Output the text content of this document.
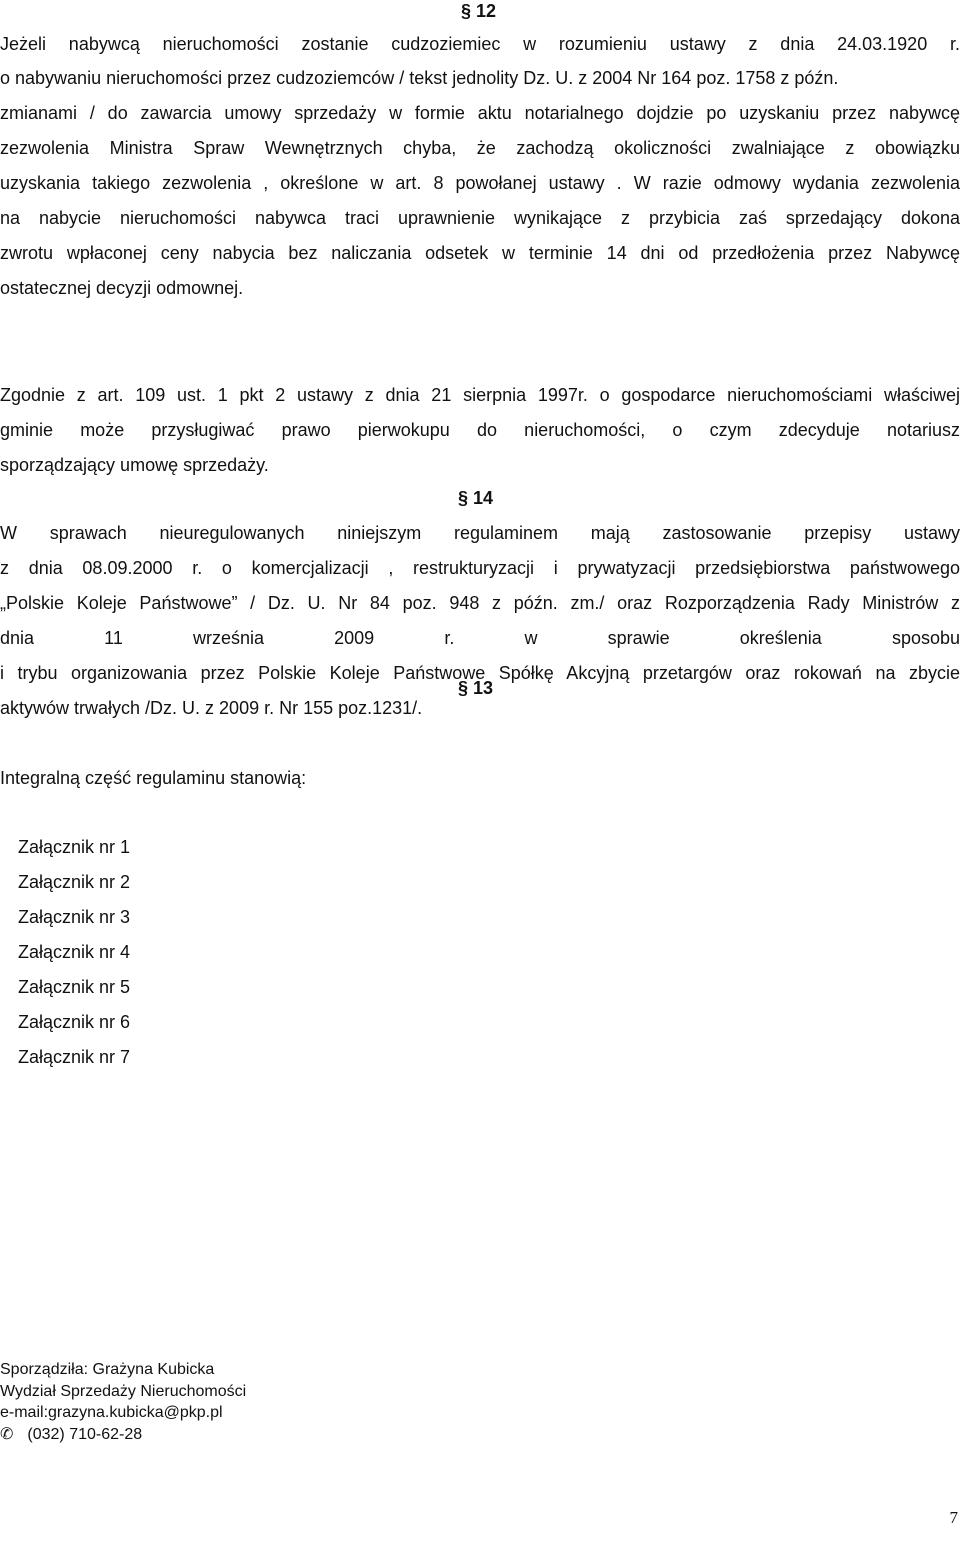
§ 12
Jeżeli nabywcą nieruchomości zostanie cudzoziemiec w rozumieniu ustawy z dnia 24.03.1920 r.
o nabywaniu nieruchomości przez cudzoziemców / tekst jednolity Dz. U. z 2004 Nr 164 poz. 1758 z późn.
zmianami / do zawarcia umowy sprzedaży w formie aktu notarialnego dojdzie po uzyskaniu przez nabywcę
zezwolenia Ministra Spraw Wewnętrznych chyba, że zachodzą okoliczności zwalniające z obowiązku
uzyskania takiego zezwolenia , określone w art. 8 powołanej ustawy . W razie odmowy wydania zezwolenia
na nabycie nieruchomości nabywca traci uprawnienie wynikające z przybicia zaś sprzedający dokona
zwrotu wpłaconej ceny nabycia bez naliczania odsetek w terminie 14 dni od przedłożenia przez Nabywcę
ostatecznej decyzji odmownej.
§ 13
Zgodnie z art. 109 ust. 1 pkt 2 ustawy z dnia 21 sierpnia 1997r. o gospodarce nieruchomościami właściwej
gminie może przysługiwać prawo pierwokupu do nieruchomości, o czym zdecyduje notariusz
sporządzający umowę sprzedaży.
§ 14
W sprawach nieuregulowanych niniejszym regulaminem mają zastosowanie przepisy ustawy
z dnia 08.09.2000 r. o komercjalizacji , restrukturyzacji i prywatyzacji przedsiębiorstwa państwowego
„Polskie Koleje Państwowe” / Dz. U. Nr 84 poz. 948 z późn. zm./ oraz Rozporządzenia Rady Ministrów z
dnia 11 września 2009 r. w sprawie określenia sposobu
i trybu organizowania przez Polskie Koleje Państwowe Spółkę Akcyjną przetargów oraz rokowań na zbycie
aktywów trwałych /Dz. U. z 2009 r. Nr 155 poz.1231/.
Integralną część regulaminu stanowią:
Załącznik nr 1
Załącznik nr 2
Załącznik nr 3
Załącznik nr 4
Załącznik nr 5
Załącznik nr 6
Załącznik nr 7
Sporządziła: Grażyna Kubicka
Wydział Sprzedaży Nieruchomości
e-mail:grazyna.kubicka@pkp.pl
✆ (032) 710-62-28
7
